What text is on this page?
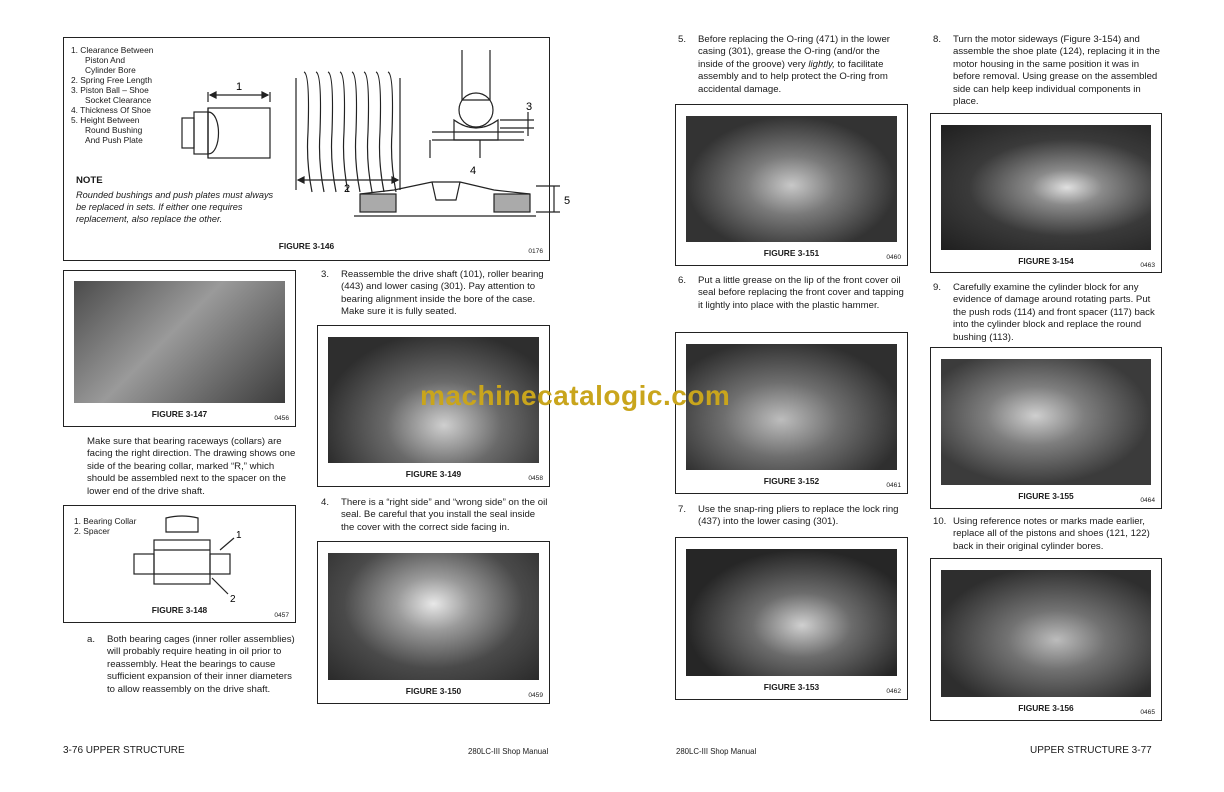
1. Clearance Between
Piston And
Cylinder Bore
2. Spring Free Length
3. Piston Ball – Shoe
Socket Clearance
4. Thickness Of Shoe
5. Height Between
Round Bushing
And Push Plate
1
2
3
4
5
NOTE
Rounded bushings and push plates must always be replaced in sets. If either one requires replacement, also replace the other.
FIGURE 3-146
0176
FIGURE 3-147	0456
Make sure that bearing raceways (collars) are facing the right direction. The drawing shows one side of the bearing collar, marked “R,” which should be assembled next to the spacer on the lower end of the drive shaft.
1. Bearing Collar
2. Spacer	1
2
FIGURE 3-148
0457
a. Both bearing cages (inner roller assemblies) will probably require heating in oil prior to reassembly. Heat the bearings to cause sufficient expansion of their inner diameters to allow reassembly on the drive shaft.
3. Reassemble the drive shaft (101), roller bearing (443) and lower casing (301). Pay attention to bearing alignment inside the bore of the case. Make sure it is fully seated.
FIGURE 3-149	0458
4. There is a “right side” and “wrong side” on the oil seal. Be careful that you install the seal inside the cover with the correct side facing in.
FIGURE 3-150	0459
3-76 UPPER STRUCTURE	280LC-III Shop Manual
5. Before replacing the O-ring (471) in the lower casing (301), grease the O-ring (and/or the inside of the groove) very lightly, to facilitate assembly and to help protect the O-ring from accidental damage.
FIGURE 3-151	0460
6. Put a little grease on the lip of the front cover oil seal before replacing the front cover and tapping it lightly into place with the plastic hammer.
FIGURE 3-152	0461
7. Use the snap-ring pliers to replace the lock ring (437) into the lower casing (301).
FIGURE 3-153	0462
280LC-III Shop Manual	UPPER STRUCTURE 3-77
8. Turn the motor sideways (Figure 3-154) and assemble the shoe plate (124), replacing it in the motor housing in the same position it was in before removal. Using grease on the assembled side can help keep individual components in place.
FIGURE 3-154	0463
9. Carefully examine the cylinder block for any evidence of damage around rotating parts. Put the push rods (114) and front spacer (117) back into the cylinder block and replace the round bushing (113).
FIGURE 3-155	0464
10. Using reference notes or marks made earlier, replace all of the pistons and shoes (121, 122) back in their original cylinder bores.
FIGURE 3-156	0465
machinecatalogic.com
